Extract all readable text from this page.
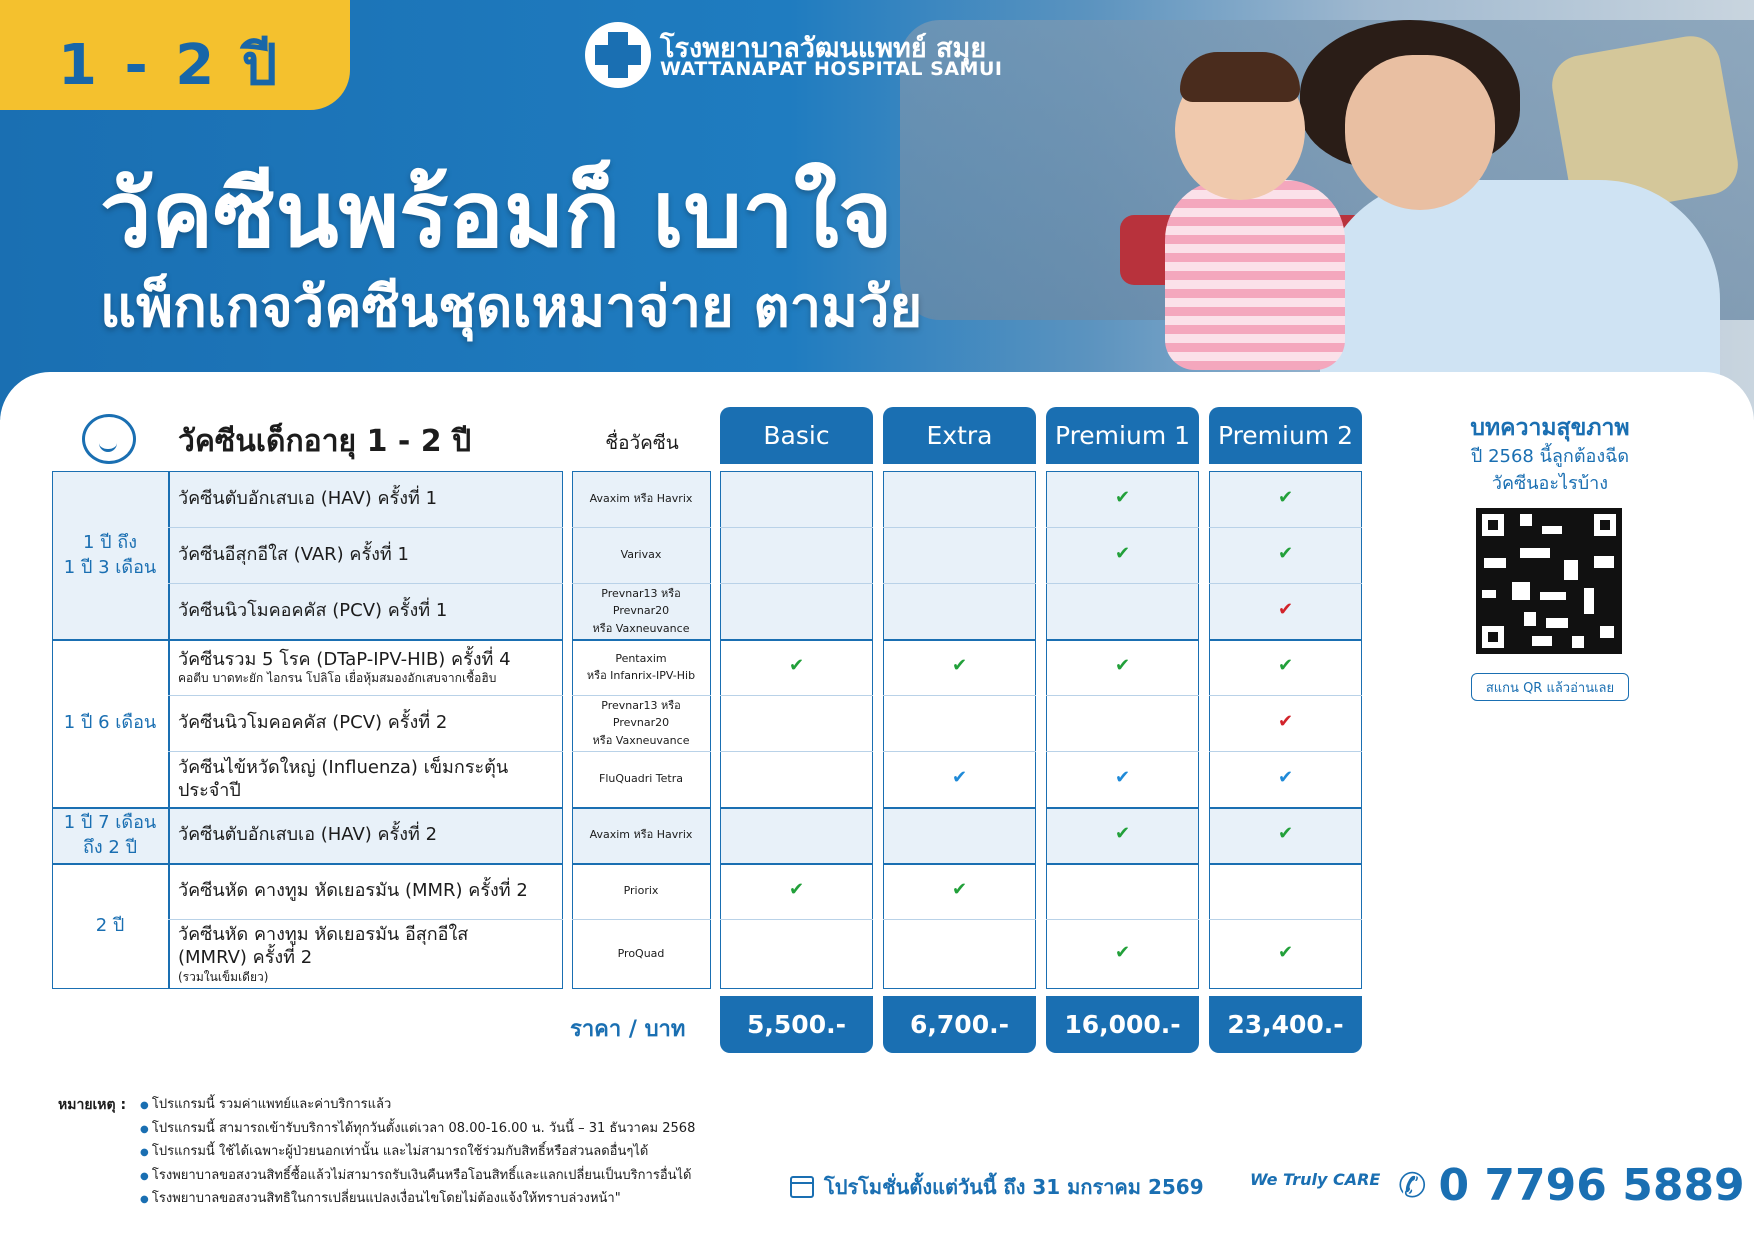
1 - 2 ปี	โรงพยาบาลวัฒนแพทย์ สมุย
WATTANAPAT HOSPITAL SAMUI
วัคซีนพร้อมก็ เบาใจ
แพ็กเกจวัคซีนชุดเหมาจ่าย ตามวัย
วัคซีนเด็กอายุ 1 - 2 ปี	ชื่อวัคซีน	Basic	Extra	Premium 1	Premium 2
1 ปี ถึง
1 ปี 3 เดือน
1 ปี 6 เดือน
1 ปี 7 เดือน
ถึง 2 ปี
2 ปี
วัคซีนตับอักเสบเอ (HAV) ครั้งที่ 1	Avaxim หรือ Havrix	✔	✔
วัคซีนอีสุกอีใส (VAR) ครั้งที่ 1	Varivax	✔	✔
วัคซีนนิวโมคอคคัส (PCV) ครั้งที่ 1
Prevnar13 หรือ Prevnar20
หรือ Vaxneuvance
✔
วัคซีนรวม 5 โรค (DTaP-IPV-HIB) ครั้งที่ 4
คอตีบ บาดทะยัก ไอกรน โปลิโอ เยื่อหุ้มสมองอักเสบจากเชื้อฮิบ
Pentaxim
หรือ Infanrix-IPV-Hib	✔	✔	✔	✔
วัคซีนนิวโมคอคคัส (PCV) ครั้งที่ 2
Prevnar13 หรือ Prevnar20
หรือ Vaxneuvance
✔
วัคซีนไข้หวัดใหญ่ (Influenza) เข็มกระตุ้นประจำปี
FluQuadri Tetra	✔	✔	✔
วัคซีนตับอักเสบเอ (HAV) ครั้งที่ 2	Avaxim หรือ Havrix	✔	✔
วัคซีนหัด คางทูม หัดเยอรมัน (MMR) ครั้งที่ 2	Priorix	✔	✔
วัคซีนหัด คางทูม หัดเยอรมัน อีสุกอีใส
(MMRV) ครั้งที่ 2
(รวมในเข็มเดียว)
ProQuad	✔	✔
ราคา / บาท	5,500.-	6,700.-	16,000.-	23,400.-
บทความสุขภาพ
ปี 2568 นี้ลูกต้องฉีด
วัคซีนอะไรบ้าง
สแกน QR แล้วอ่านเลย
หมายเหตุ :
●	โปรแกรมนี้ รวมค่าแพทย์และค่าบริการแล้ว
● โปรแกรมนี้ สามารถเข้ารับบริการได้ทุกวันตั้งแต่เวลา 08.00-16.00 น. วันนี้ – 31 ธันวาคม 2568
● โปรแกรมนี้ ใช้ได้เฉพาะผู้ป่วยนอกเท่านั้น และไม่สามารถใช้ร่วมกับสิทธิ์หรือส่วนลดอื่นๆได้
● โรงพยาบาลขอสงวนสิทธิ์ซื้อแล้วไม่สามารถรับเงินคืนหรือโอนสิทธิ์และแลกเปลี่ยนเป็นบริการอื่นได้
● โรงพยาบาลขอสงวนสิทธิในการเปลี่ยนแปลงเงื่อนไขโดยไม่ต้องแจ้งให้ทราบล่วงหน้า"	โปรโมชั่นตั้งแต่วันนี้ ถึง 31 มกราคม 2569	We Truly CARE ✆ 0 7796 5889
